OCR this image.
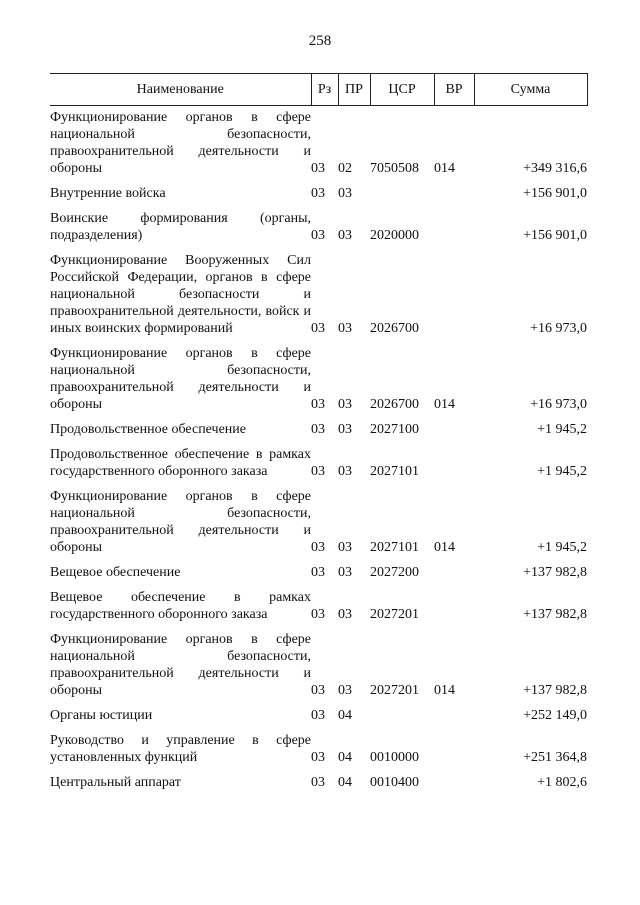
258
Наименование	Рз	ПР	ЦСР	ВР	Сумма
Функционирование органов в сфере национальной безопасности, правоохранительной деятельности и обороны	03	02	7050508	014	+349 316,6
Внутренние войска	03	03			+156 901,0
Воинские формирования (органы, подразделения)	03	03	2020000		+156 901,0
Функционирование Вооруженных Сил Российской Федерации, органов в сфере национальной безопасности и правоохранительной деятельности, войск и иных воинских формирований	03	03	2026700		+16 973,0
Функционирование органов в сфере национальной безопасности, правоохранительной деятельности и обороны	03	03	2026700	014	+16 973,0
Продовольственное обеспечение	03	03	2027100		+1 945,2
Продовольственное обеспечение в рамках государственного оборонного заказа	03	03	2027101		+1 945,2
Функционирование органов в сфере национальной безопасности, правоохранительной деятельности и обороны	03	03	2027101	014	+1 945,2
Вещевое обеспечение	03	03	2027200		+137 982,8
Вещевое обеспечение в рамках государственного оборонного заказа	03	03	2027201		+137 982,8
Функционирование органов в сфере национальной безопасности, правоохранительной деятельности и обороны	03	03	2027201	014	+137 982,8
Органы юстиции	03	04			+252 149,0
Руководство и управление в сфере установленных функций	03	04	0010000		+251 364,8
Центральный аппарат	03	04	0010400		+1 802,6
